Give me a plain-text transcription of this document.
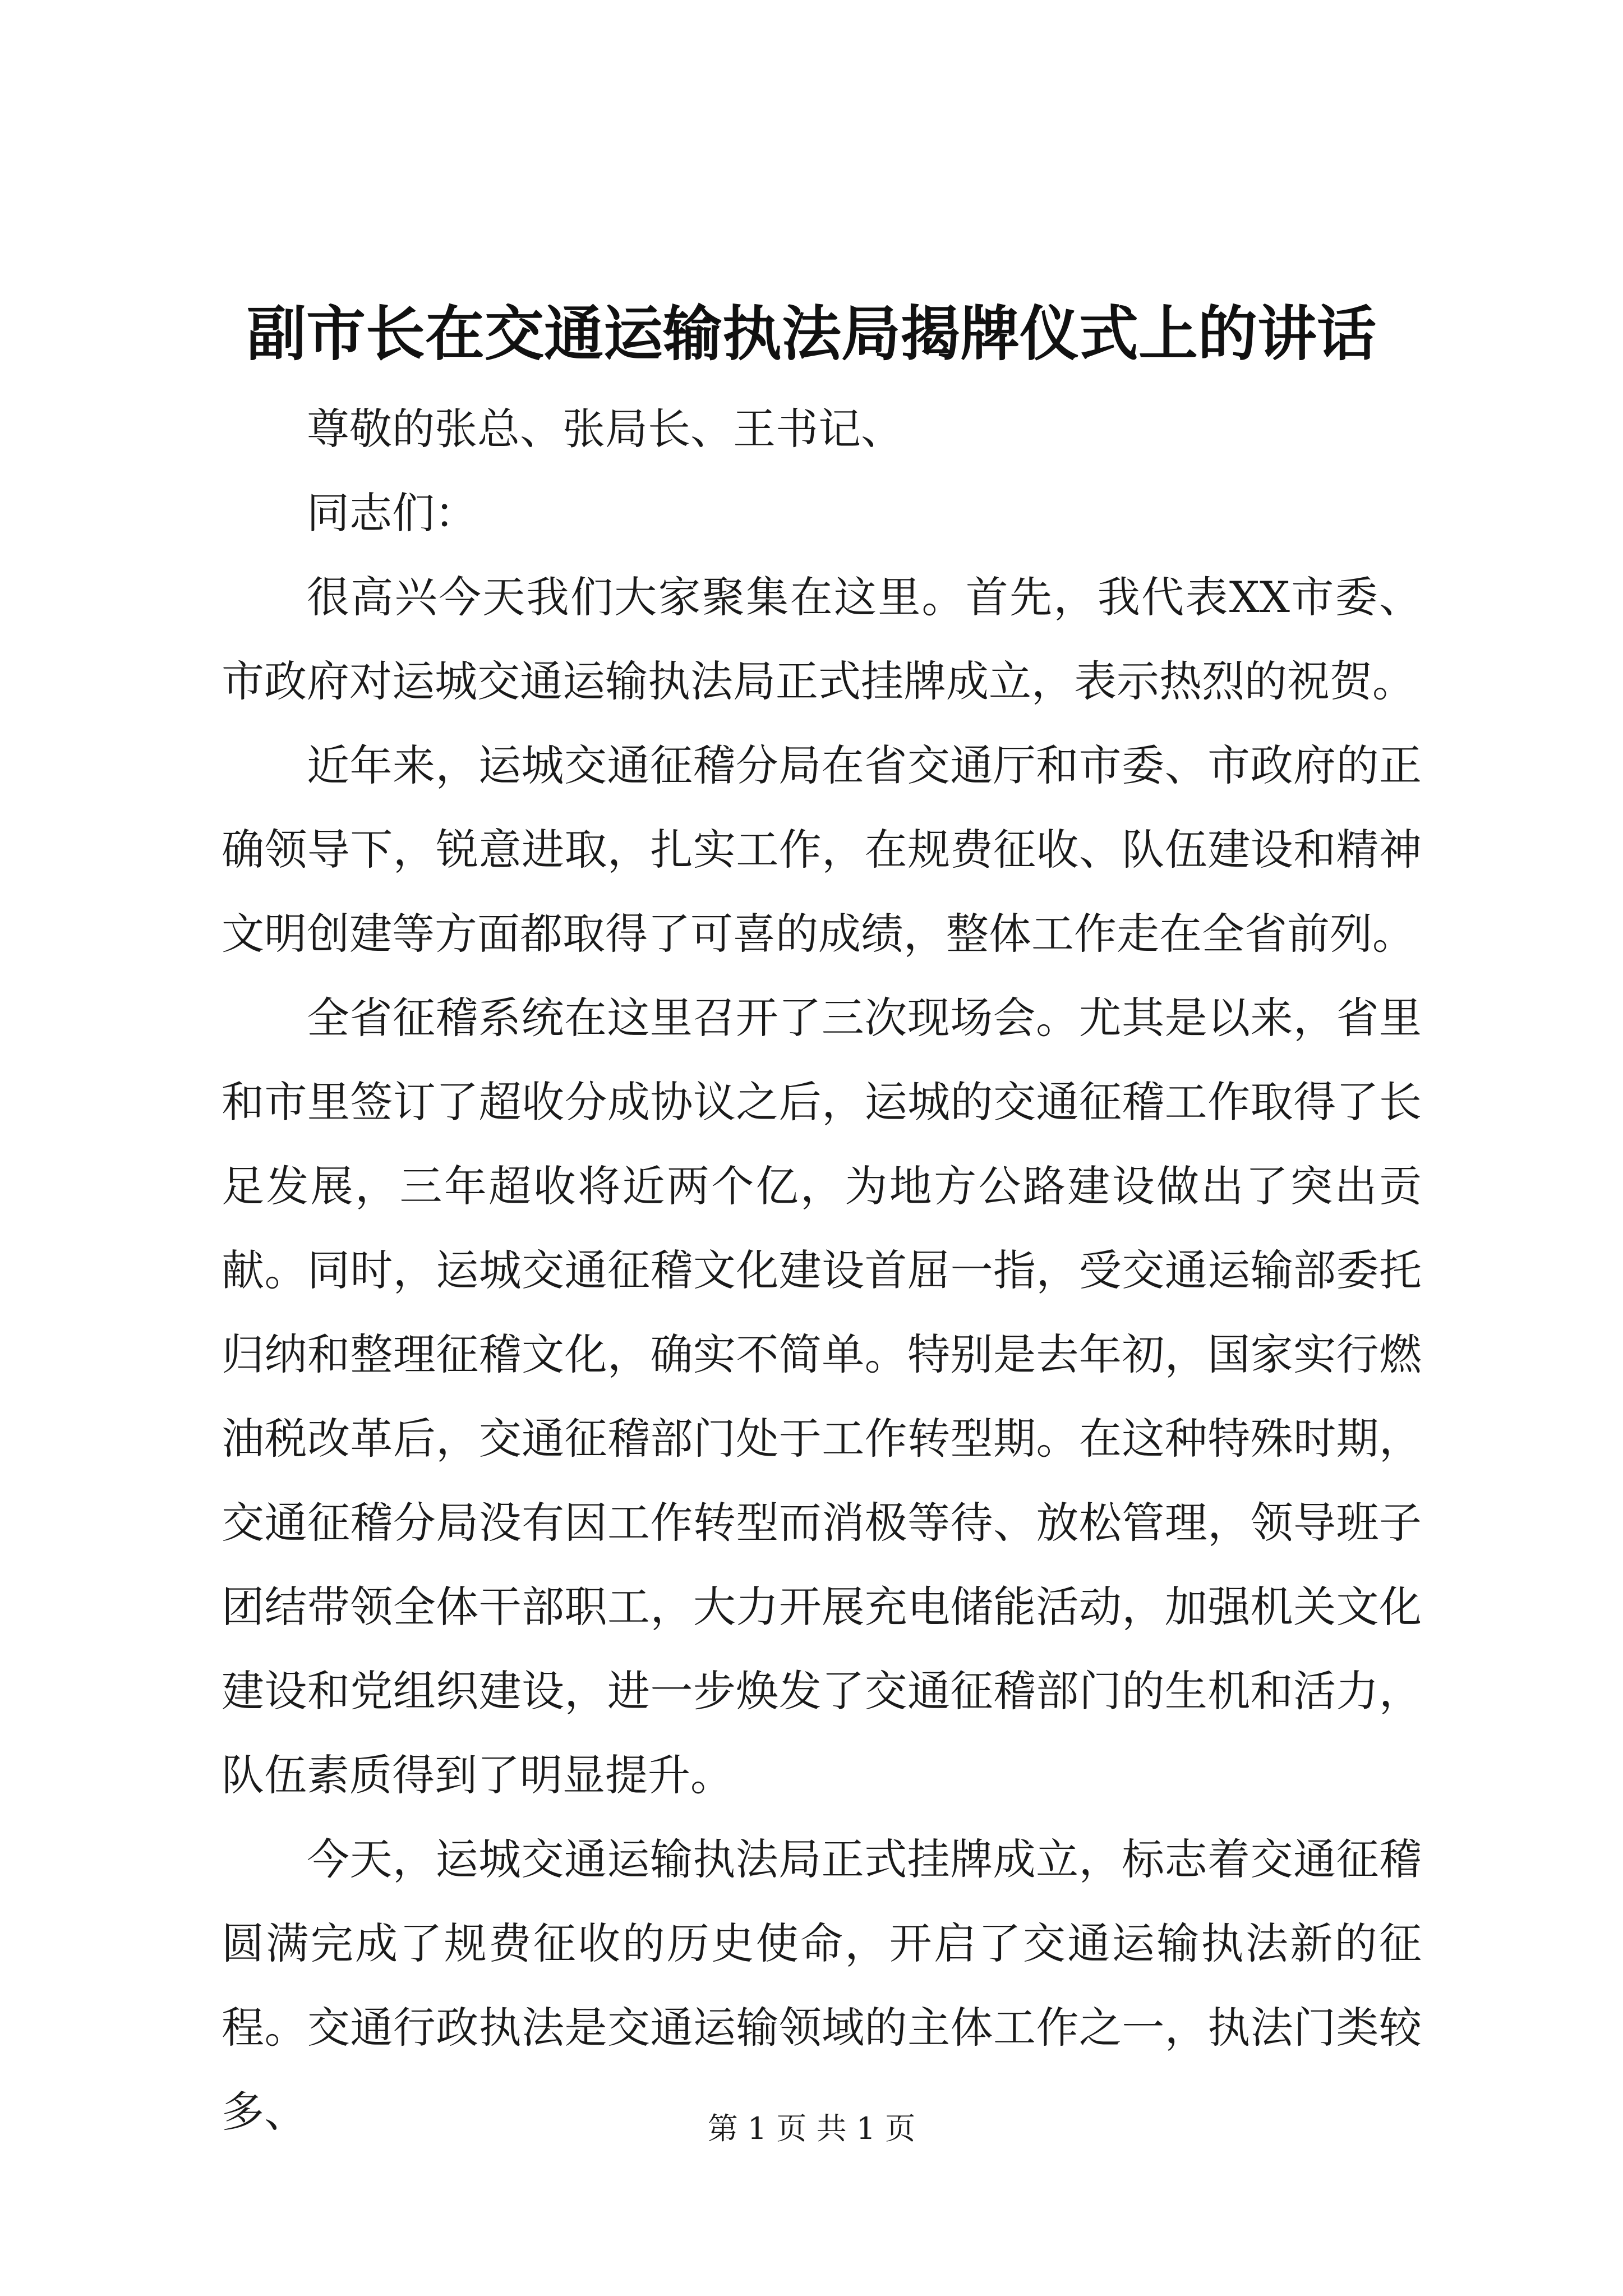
副市长在交通运输执法局揭牌仪式上的讲话

尊敬的张总、张局长、王书记、

同志们：

很高兴今天我们大家聚集在这里。首先，我代表XX市委、市政府对运城交通运输执法局正式挂牌成立，表示热烈的祝贺。

近年来，运城交通征稽分局在省交通厅和市委、市政府的正确领导下，锐意进取，扎实工作，在规费征收、队伍建设和精神文明创建等方面都取得了可喜的成绩，整体工作走在全省前列。

全省征稽系统在这里召开了三次现场会。尤其是以来，省里和市里签订了超收分成协议之后，运城的交通征稽工作取得了长足发展，三年超收将近两个亿，为地方公路建设做出了突出贡献。同时，运城交通征稽文化建设首屈一指，受交通运输部委托归纳和整理征稽文化，确实不简单。特别是去年初，国家实行燃油税改革后，交通征稽部门处于工作转型期。在这种特殊时期，交通征稽分局没有因工作转型而消极等待、放松管理，领导班子团结带领全体干部职工，大力开展充电储能活动，加强机关文化建设和党组织建设，进一步焕发了交通征稽部门的生机和活力，队伍素质得到了明显提升。

今天，运城交通运输执法局正式挂牌成立，标志着交通征稽圆满完成了规费征收的历史使命，开启了交通运输执法新的征程。交通行政执法是交通运输领域的主体工作之一，执法门类较多、	第 1 页 共 1 页
